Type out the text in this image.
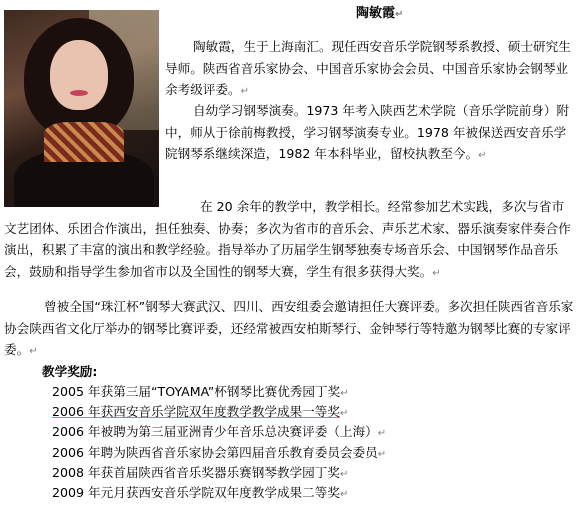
陶敏霞↵

陶敏霞，生于上海南汇。现任西安音乐学院钢琴系教授、硕士研究生导师。陕西省音乐家协会、中国音乐家协会会员、中国音乐家协会钢琴业余考级评委。↵

自幼学习钢琴演奏。1973 年考入陕西艺术学院（音乐学院前身）附中，师从于徐前梅教授，学习钢琴演奏专业。1978 年被保送西安音乐学院钢琴系继续深造，1982 年本科毕业，留校执教至今。↵

在 20 余年的教学中，教学相长。经常参加艺术实践，多次与省市文艺团体、乐团合作演出，担任独奏、协奏；多次为省市的音乐会、声乐艺术家、器乐演奏家伴奏合作演出，积累了丰富的演出和教学经验。指导举办了历届学生钢琴独奏专场音乐会、中国钢琴作品音乐会，鼓励和指导学生参加省市以及全国性的钢琴大赛，学生有很多获得大奖。↵

曾被全国“珠江杯”钢琴大赛武汉、四川、西安组委会邀请担任大赛评委。多次担任陕西省音乐家协会陕西省文化厅举办的钢琴比赛评委，还经常被西安柏斯琴行、金钟琴行等特邀为钢琴比赛的专家评委。↵

教学奖励:

2005 年获第三届“TOYAMA”杯钢琴比赛优秀园丁奖↵
2006 年获西安音乐学院双年度教学教学成果一等奖↵
2006 年被聘为第三届亚洲青少年音乐总决赛评委（上海）↵
2006 年聘为陕西省音乐家协会第四届音乐教育委员会委员↵
2008 年获首届陕西省音乐奖器乐赛钢琴教学园丁奖↵
2009 年元月获西安音乐学院双年度教学成果二等奖↵
